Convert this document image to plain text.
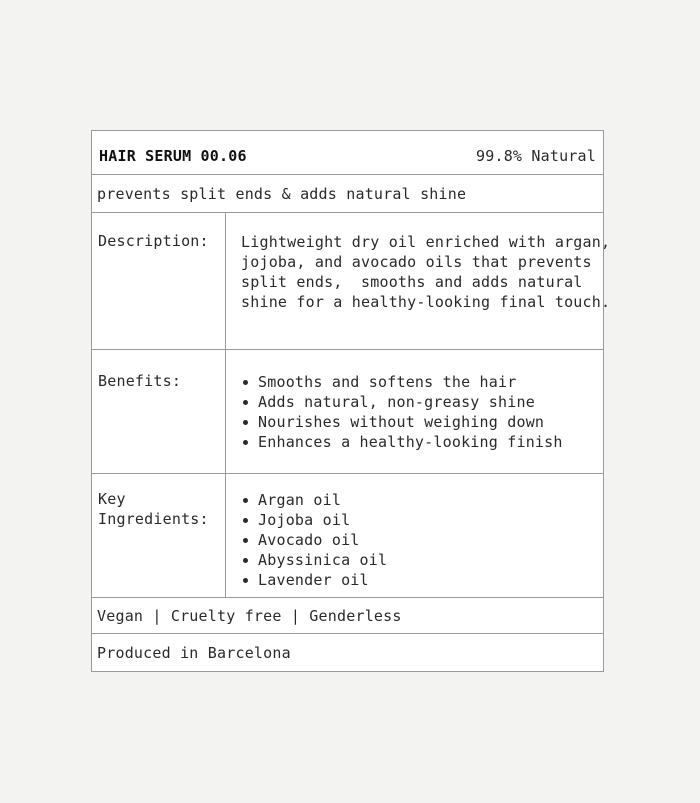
HAIR SERUM 00.06	99.8% Natural
prevents split ends & adds natural shine
Description: Lightweight dry oil enriched with argan,
jojoba, and avocado oils that prevents
split ends,  smooths and adds natural
shine for a healthy-looking final touch.
Benefits:	Smooths and softens the hair
Adds natural, non-greasy shine
Nourishes without weighing down
Enhances a healthy-looking finish
Key
Ingredients:
Argan oil
Jojoba oil
Avocado oil
Abyssinica oil
Lavender oil
Vegan | Cruelty free | Genderless
Produced in Barcelona
